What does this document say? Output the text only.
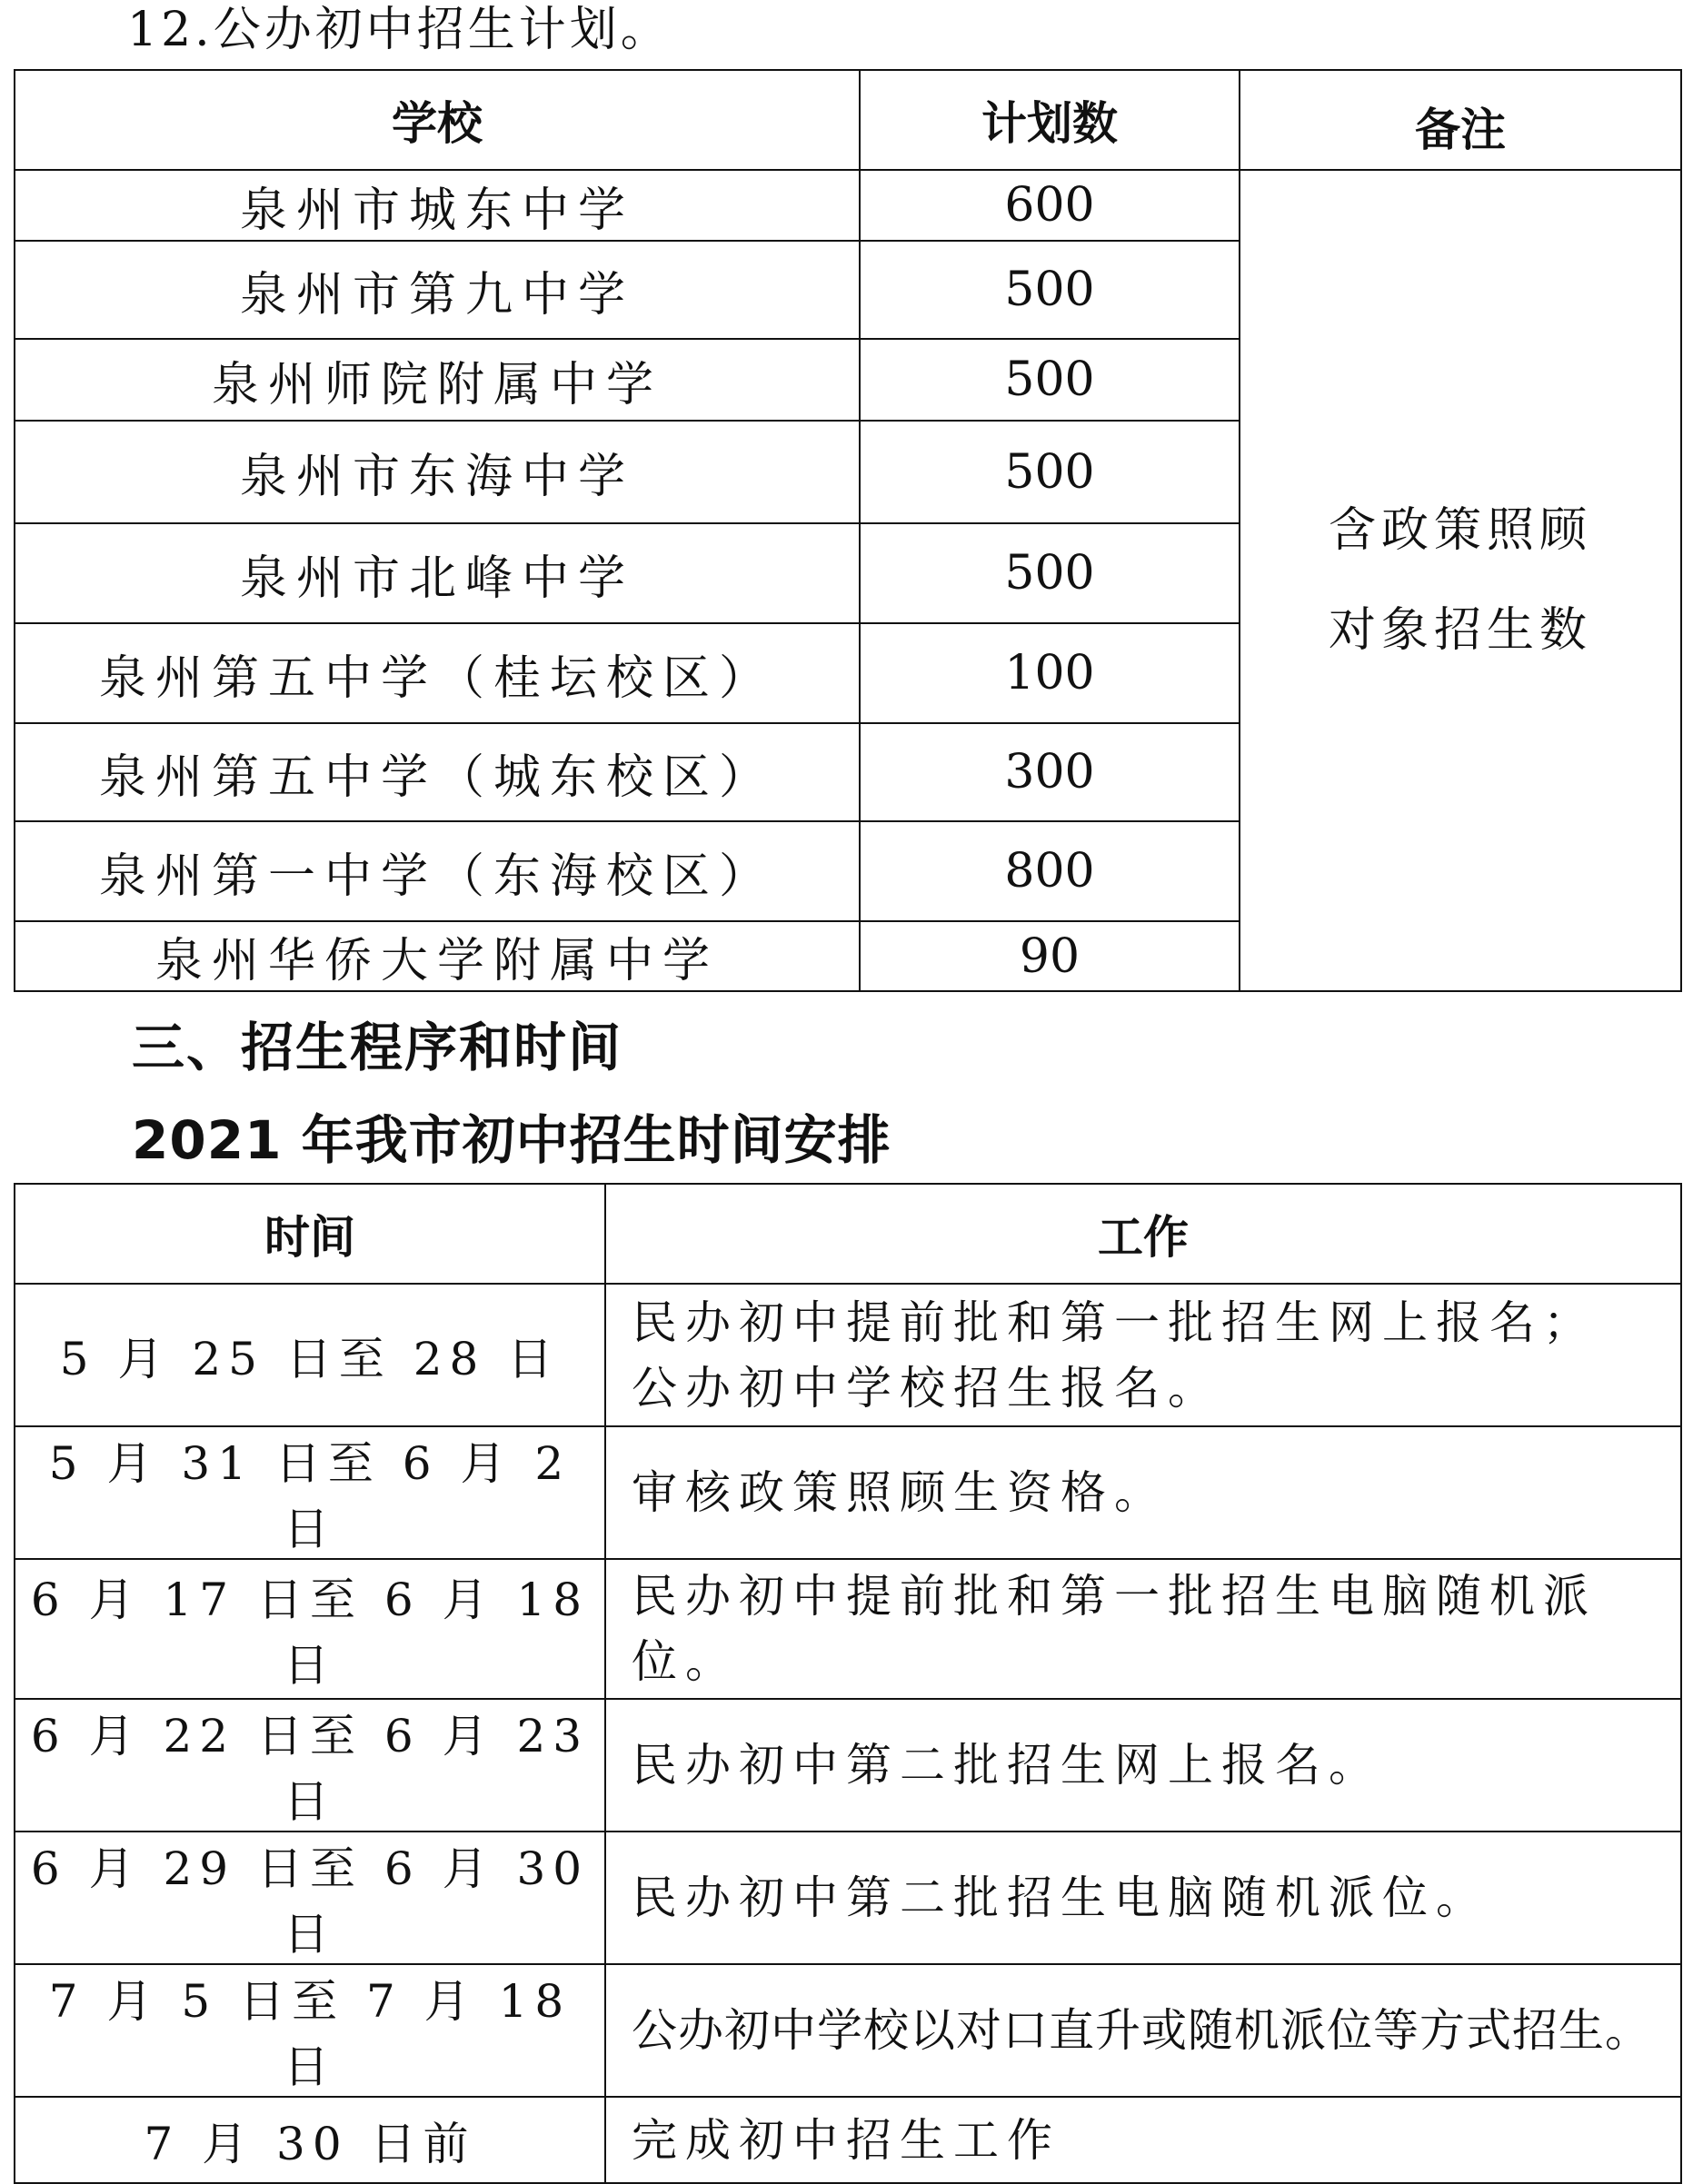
12.公办初中招生计划。
学校	计划数	备注
泉州市城东中学	600	含政策照顾
对象招生数

泉州市第九中学	500	
泉州师院附属中学	500	
泉州市东海中学	500	
泉州市北峰中学	500	
泉州第五中学（桂坛校区）	100	
泉州第五中学（城东校区）	300	
泉州第一中学（东海校区）	800	
泉州华侨大学附属中学	90	
三、招生程序和时间
2021 年我市初中招生时间安排
时间	工作
5 月 25 日至 28 日	民办初中提前批和第一批招生网上报名；
公办初中学校招生报名。

5 月 31 日至 6 月 2 日	审核政策照顾生资格。

6 月 17 日至 6 月 18 日	民办初中提前批和第一批招生电脑随机派
位。

6 月 22 日至 6 月 23 日	民办初中第二批招生网上报名。

6 月 29 日至 6 月 30 日	民办初中第二批招生电脑随机派位。

7 月 5 日至 7 月 18 日	公办初中学校以对口直升或随机派位等方式招生。

7 月 30 日前	完成初中招生工作
